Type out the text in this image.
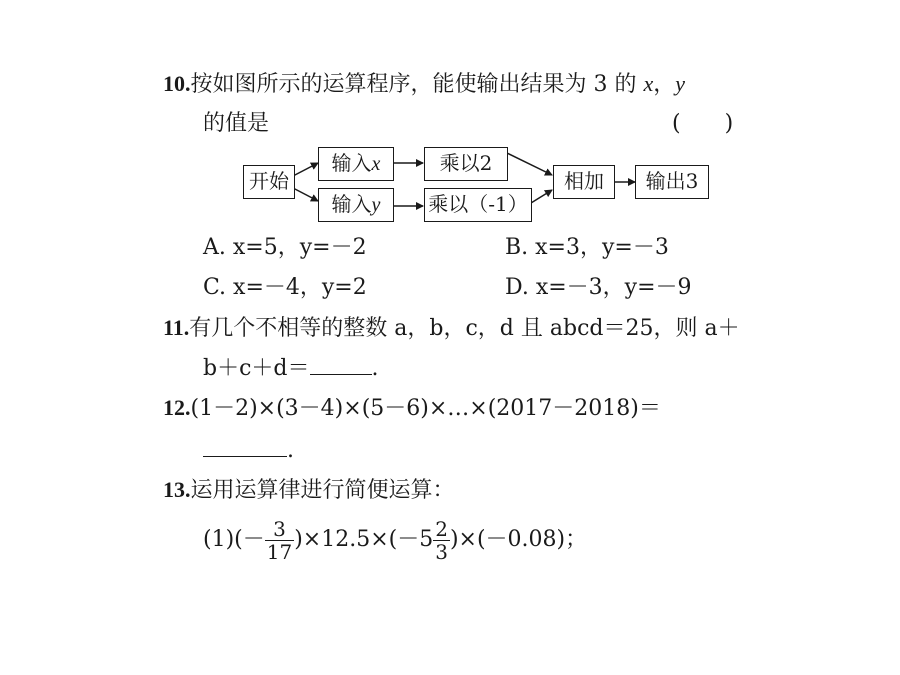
10.按如图所示的运算程序，能使输出结果为 3 的 x，y
的值是	(　　)
开始
输入x
输入y
乘以2
乘以（-1）
相加	输出3
A. x=5，y=－2	B. x=3，y=－3
C. x=－4，y=2	D. x=－3，y=－9
11.有几个不相等的整数 a，b，c，d 且 abcd＝25，则 a＋
b＋c＋d＝	.
12.(1－2)×(3－4)×(5－6)×…×(2017－2018)＝
.
13.运用运算律进行简便运算：
$(1)(- \frac{3}{17} )\times 12.5\times(-5 \frac{2}{3} )\times(-0.08)$；
